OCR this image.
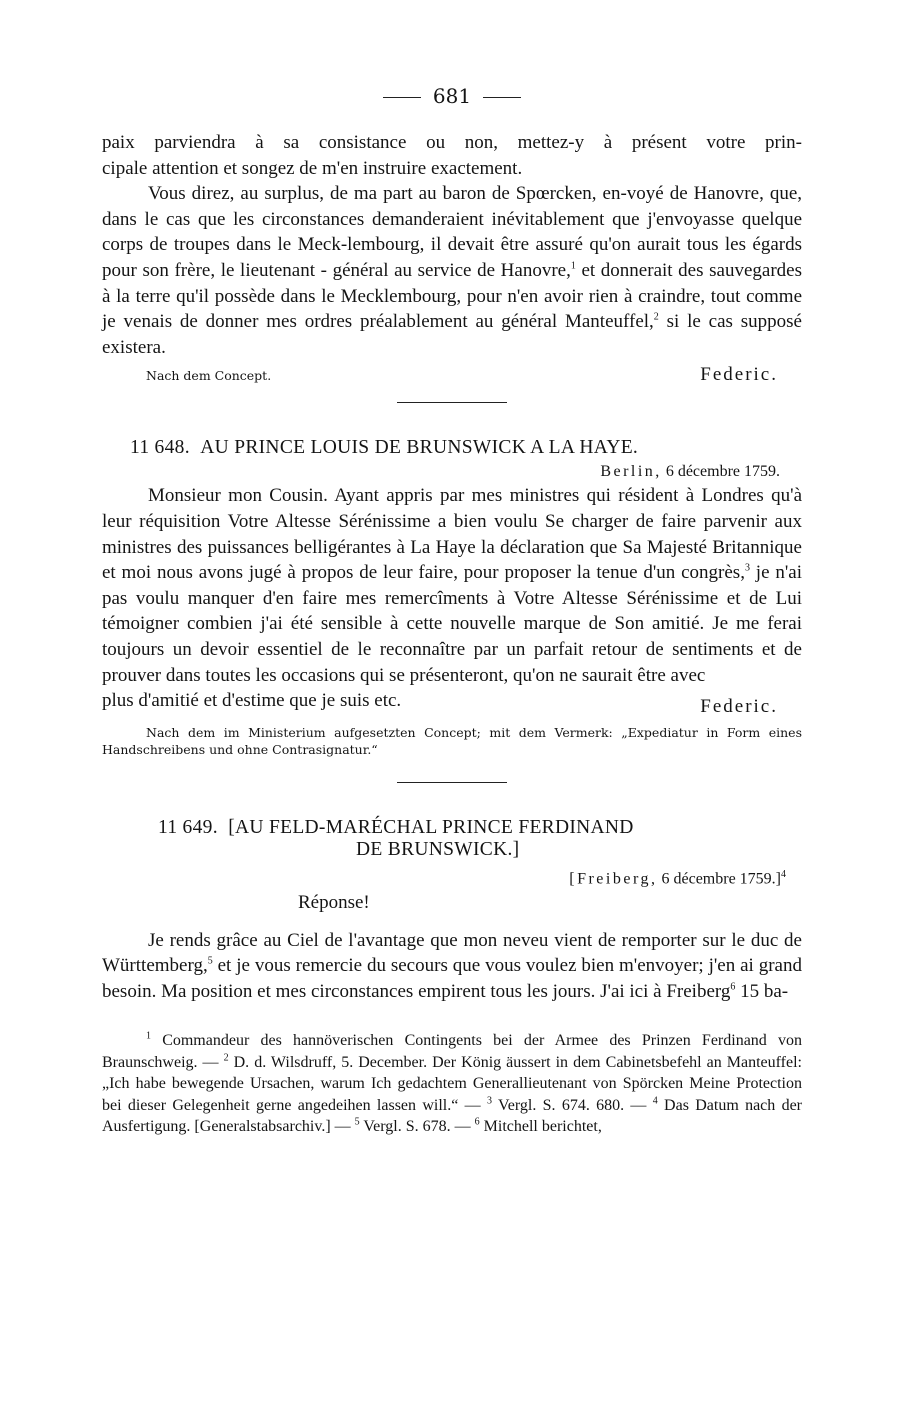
681

paix parviendra à sa consistance ou non, mettez-y à présent votre prin-

cipale attention et songez de m'en instruire exactement.

Vous direz, au surplus, de ma part au baron de Spœrcken, en-voyé de Hanovre, que, dans le cas que les circonstances demanderaient inévitablement que j'envoyasse quelque corps de troupes dans le Meck-lembourg, il devait être assuré qu'on aurait tous les égards pour son frère, le lieutenant - général au service de Hanovre,$^1$ et donnerait des sauvegardes à la terre qu'il possède dans le Mecklembourg, pour n'en avoir rien à craindre, tout comme je venais de donner mes ordres préalablement au général Manteuffel,$^2$ si le cas supposé existera.

Nach dem Concept.	Federic.
11 648. AU PRINCE LOUIS DE BRUNSWICK A LA HAYE.
Berlin, 6 décembre 1759.

Monsieur mon Cousin. Ayant appris par mes ministres qui résident à Londres qu'à leur réquisition Votre Altesse Sérénissime a bien voulu Se charger de faire parvenir aux ministres des puissances belligérantes à La Haye la déclaration que Sa Majesté Britannique et moi nous avons jugé à propos de leur faire, pour proposer la tenue d'un congrès,$^3$ je n'ai pas voulu manquer d'en faire mes remercîments à Votre Altesse Sérénissime et de Lui témoigner combien j'ai été sensible à cette nouvelle marque de Son amitié. Je me ferai toujours un devoir essentiel de le reconnaître par un parfait retour de sentiments et de prouver dans toutes les occasions qui se présenteront, qu'on ne saurait être avec

plus d'amitié et d'estime que je suis etc.	Federic.

Nach dem im Ministerium aufgesetzten Concept; mit dem Vermerk: „Expediatur in Form eines Handschreibens und ohne Contrasignatur.“

11 649. [AU FELD-MARÉCHAL PRINCE FERDINAND
DE BRUNSWICK.]
[Freiberg, 6 décembre 1759.]$^4$
Réponse!

Je rends grâce au Ciel de l'avantage que mon neveu vient de remporter sur le duc de Württemberg,$^5$ et je vous remercie du secours que vous voulez bien m'envoyer; j'en ai grand besoin. Ma position et mes circonstances empirent tous les jours. J'ai ici à Freiberg$^6$ 15 ba-

$^1$ Commandeur des hannöverischen Contingents bei der Armee des Prinzen Ferdinand von Braunschweig. — $^2$ D. d. Wilsdruff, 5. December. Der König äussert in dem Cabinetsbefehl an Manteuffel: „Ich habe bewegende Ursachen, warum Ich gedachtem Generallieutenant von Spörcken Meine Protection bei dieser Gelegenheit gerne angedeihen lassen will.“ — $^3$ Vergl. S. 674. 680. — $^4$ Das Datum nach der Ausfertigung. [Generalstabsarchiv.] — $^5$ Vergl. S. 678. — $^6$ Mitchell berichtet,
